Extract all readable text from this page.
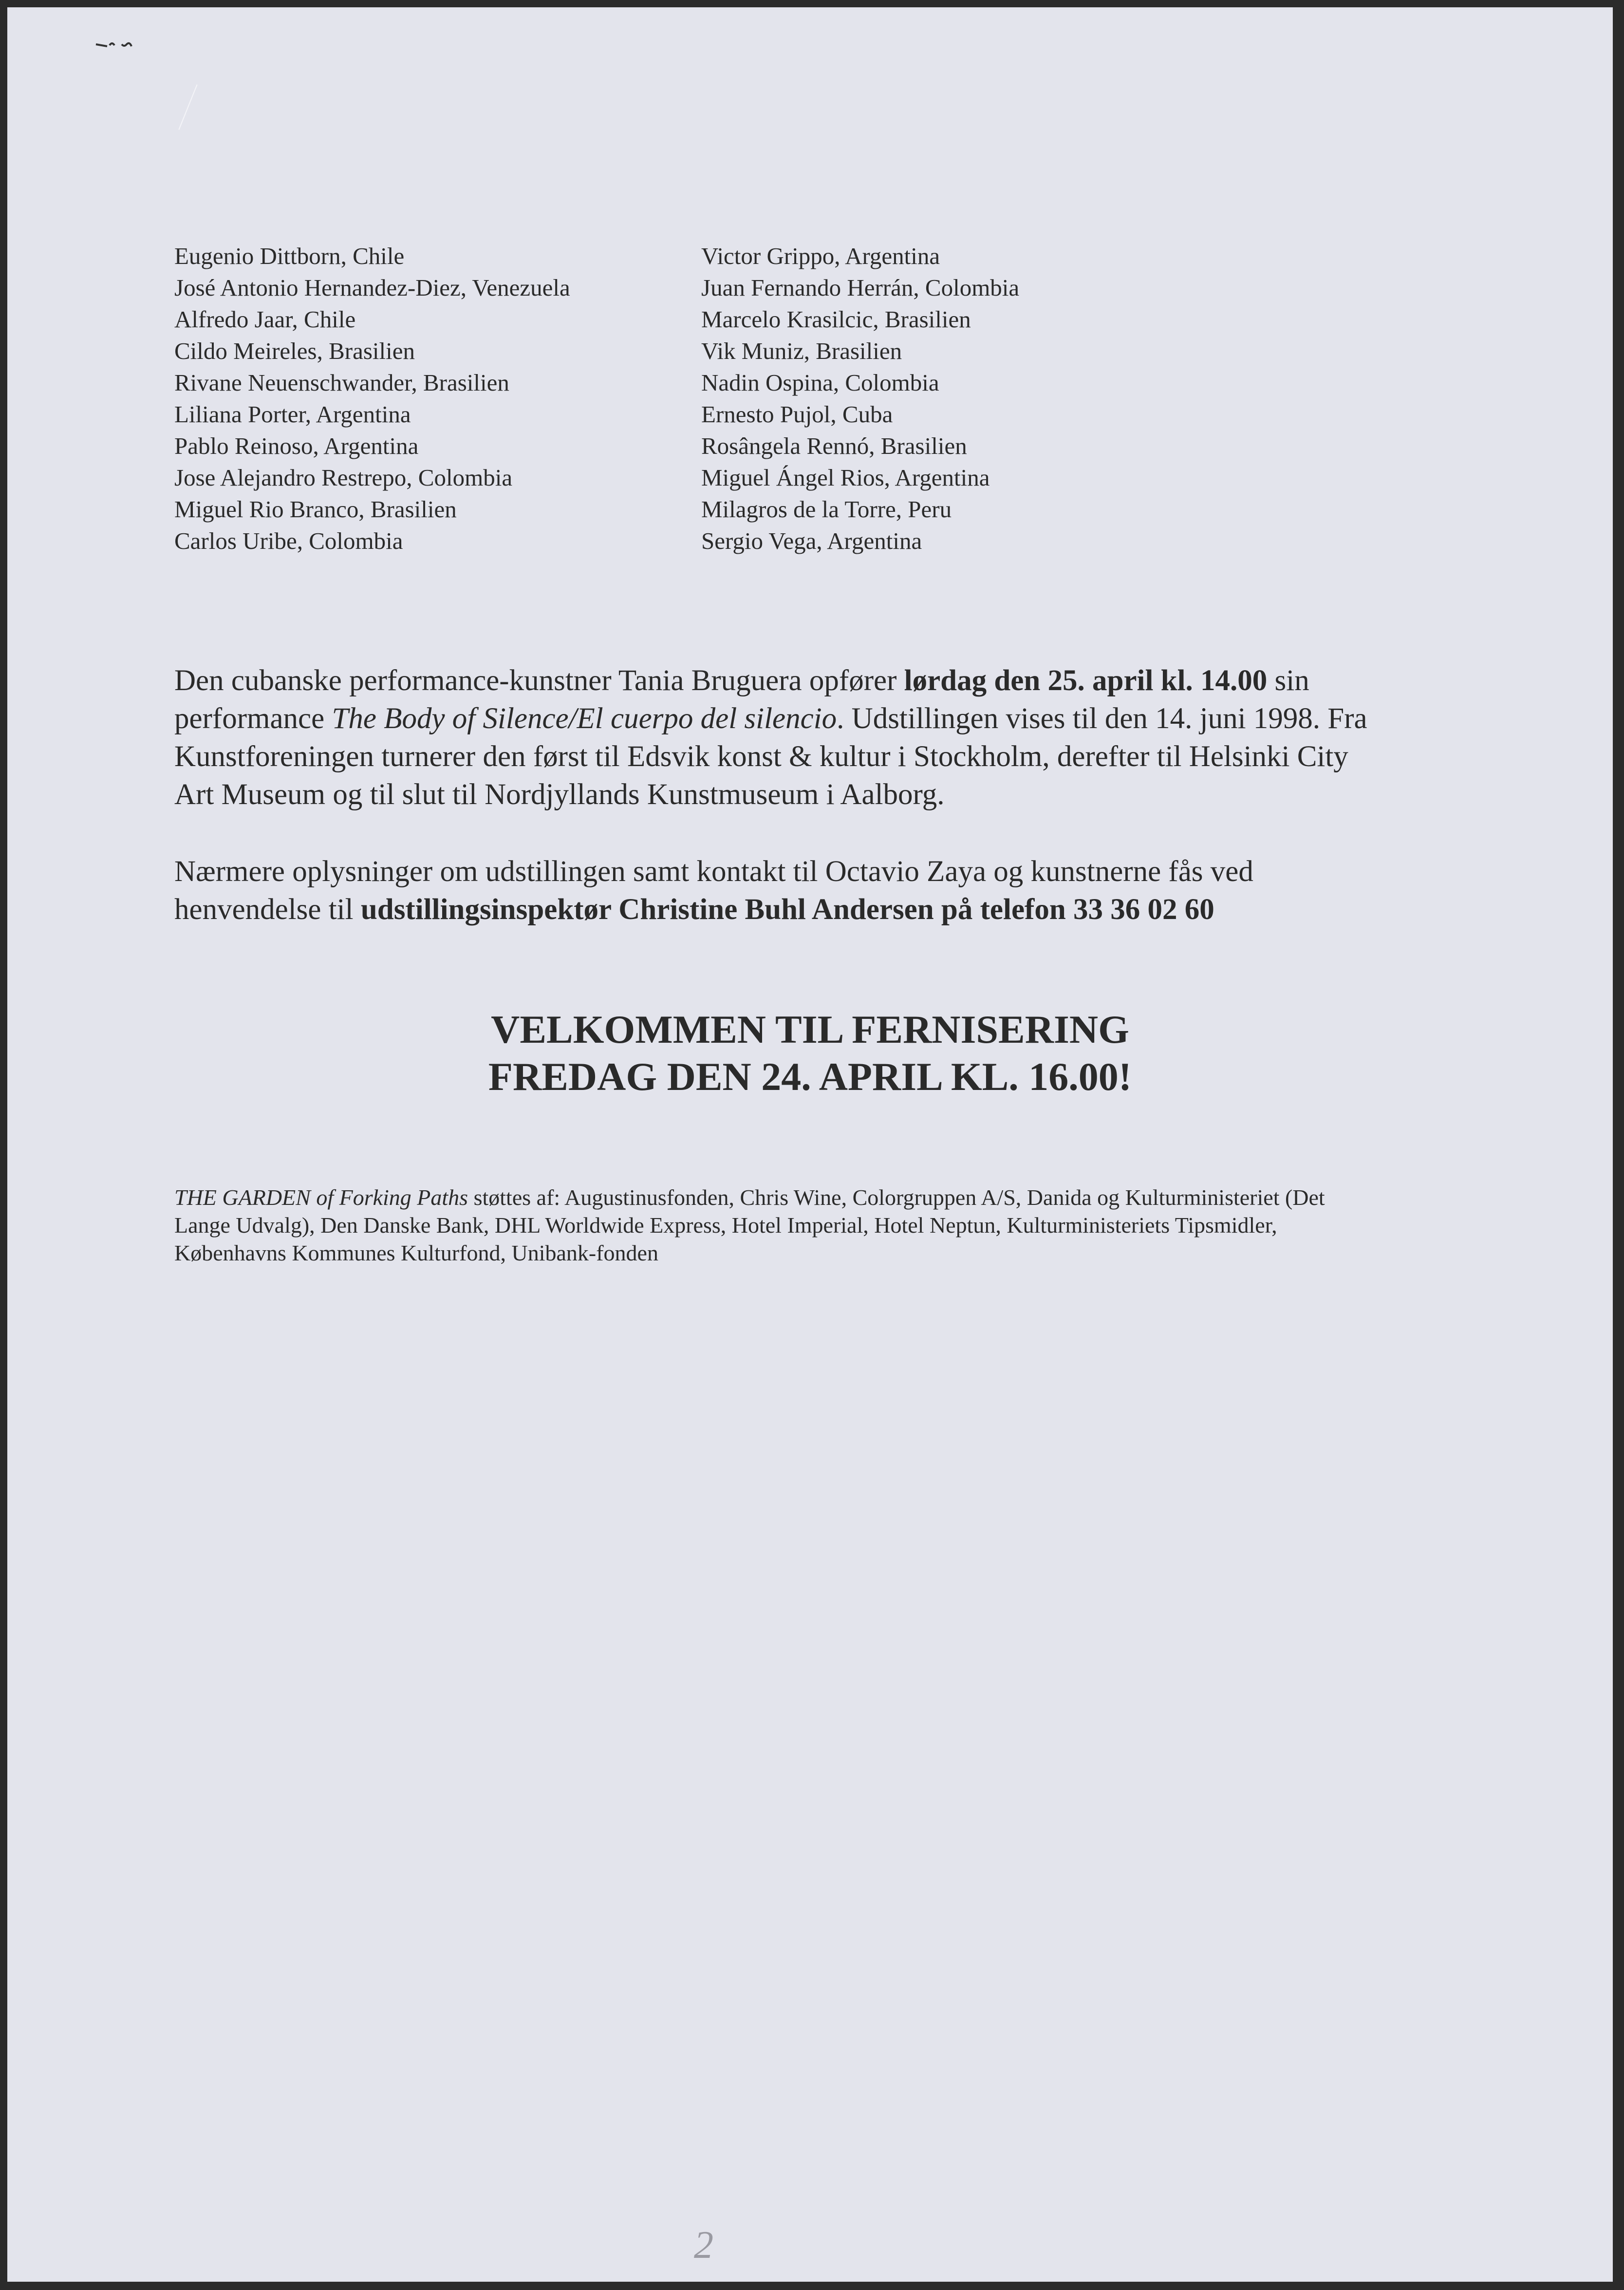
Eugenio Dittborn, Chile
José Antonio Hernandez-Diez, Venezuela
Alfredo Jaar, Chile
Cildo Meireles, Brasilien
Rivane Neuenschwander, Brasilien
Liliana Porter, Argentina
Pablo Reinoso, Argentina
Jose Alejandro Restrepo, Colombia
Miguel Rio Branco, Brasilien
Carlos Uribe, Colombia
Victor Grippo, Argentina
Juan Fernando Herrán, Colombia
Marcelo Krasilcic, Brasilien
Vik Muniz, Brasilien
Nadin Ospina, Colombia
Ernesto Pujol, Cuba
Rosângela Rennó, Brasilien
Miguel Ángel Rios, Argentina
Milagros de la Torre, Peru
Sergio Vega, Argentina
Den cubanske performance-kunstner Tania Bruguera opfører lørdag den 25. april kl. 14.00 sin
performance The Body of Silence/El cuerpo del silencio. Udstillingen vises til den 14. juni 1998. Fra
Kunstforeningen turnerer den først til Edsvik konst & kultur i Stockholm, derefter til Helsinki City
Art Museum og til slut til Nordjyllands Kunstmuseum i Aalborg.
Nærmere oplysninger om udstillingen samt kontakt til Octavio Zaya og kunstnerne fås ved
henvendelse til udstillingsinspektør Christine Buhl Andersen på telefon 33 36 02 60
VELKOMMEN TIL FERNISERING
FREDAG DEN 24. APRIL KL. 16.00!
THE GARDEN of Forking Paths støttes af: Augustinusfonden, Chris Wine, Colorgruppen A/S, Danida og Kulturministeriet (Det
Lange Udvalg), Den Danske Bank, DHL Worldwide Express, Hotel Imperial, Hotel Neptun, Kulturministeriets Tipsmidler,
Københavns Kommunes Kulturfond, Unibank-fonden
2
